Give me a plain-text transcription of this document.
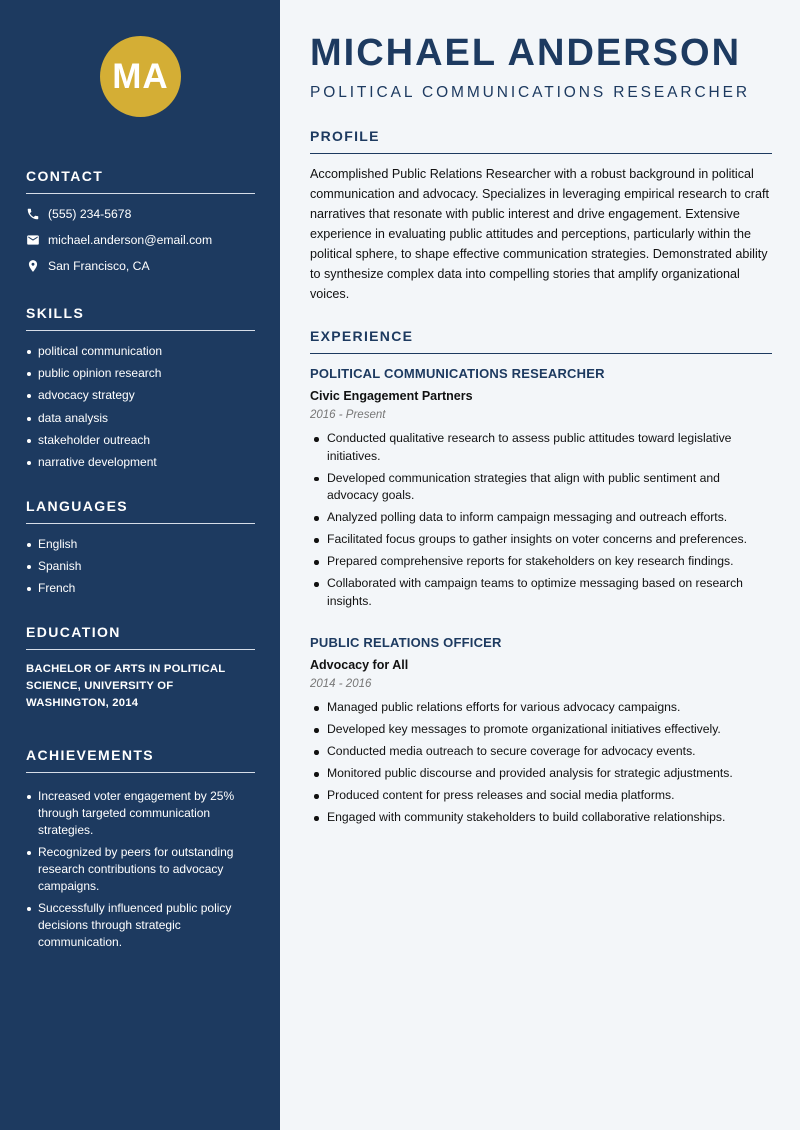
MA
CONTACT
(555) 234-5678
michael.anderson@email.com
San Francisco, CA
SKILLS
political communication
public opinion research
advocacy strategy
data analysis
stakeholder outreach
narrative development
LANGUAGES
English
Spanish
French
EDUCATION
BACHELOR OF ARTS IN POLITICAL SCIENCE, UNIVERSITY OF WASHINGTON, 2014
ACHIEVEMENTS
Increased voter engagement by 25% through targeted communication strategies.
Recognized by peers for outstanding research contributions to advocacy campaigns.
Successfully influenced public policy decisions through strategic communication.
MICHAEL ANDERSON
POLITICAL COMMUNICATIONS RESEARCHER
PROFILE

Accomplished Public Relations Researcher with a robust background in political communication and advocacy. Specializes in leveraging empirical research to craft narratives that resonate with public interest and drive engagement. Extensive experience in evaluating public attitudes and perceptions, particularly within the political sphere, to shape effective communication strategies. Demonstrated ability to synthesize complex data into compelling stories that amplify organizational voices.

EXPERIENCE
POLITICAL COMMUNICATIONS RESEARCHER
Civic Engagement Partners
2016 - Present
Conducted qualitative research to assess public attitudes toward legislative initiatives.
Developed communication strategies that align with public sentiment and advocacy goals.
Analyzed polling data to inform campaign messaging and outreach efforts.
Facilitated focus groups to gather insights on voter concerns and preferences.
Prepared comprehensive reports for stakeholders on key research findings.
Collaborated with campaign teams to optimize messaging based on research insights.
PUBLIC RELATIONS OFFICER
Advocacy for All
2014 - 2016
Managed public relations efforts for various advocacy campaigns.
Developed key messages to promote organizational initiatives effectively.
Conducted media outreach to secure coverage for advocacy events.
Monitored public discourse and provided analysis for strategic adjustments.
Produced content for press releases and social media platforms.
Engaged with community stakeholders to build collaborative relationships.
